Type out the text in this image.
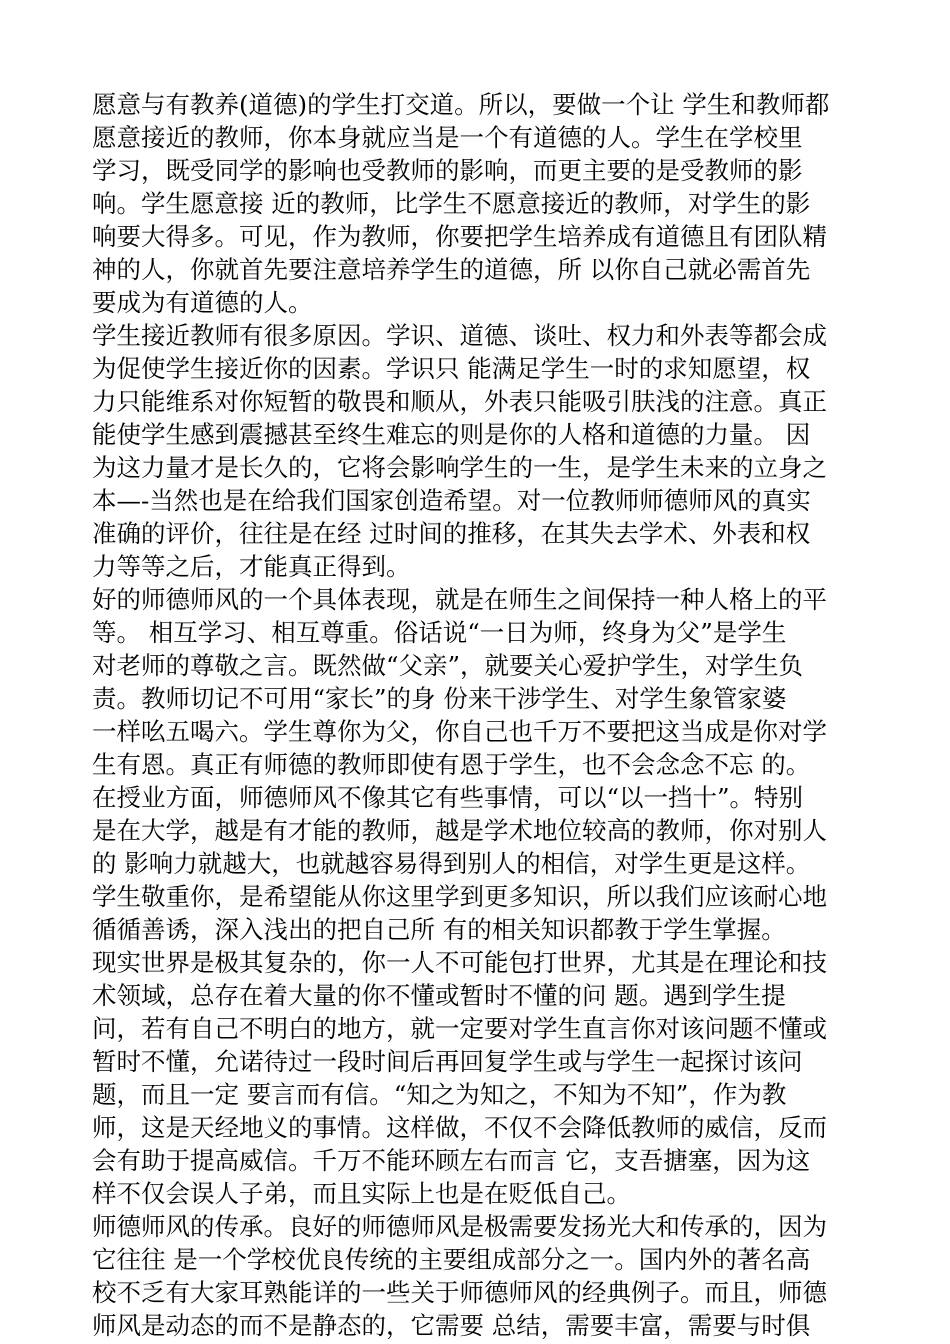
愿意与有教养(道德)的学生打交道。所以，要做一个让 学生和教师都
愿意接近的教师，你本身就应当是一个有道德的人。学生在学校里
学习，既受同学的影响也受教师的影响，而更主要的是受教师的影
响。学生愿意接 近的教师，比学生不愿意接近的教师，对学生的影
响要大得多。可见，作为教师，你要把学生培养成有道德且有团队精
神的人，你就首先要注意培养学生的道德，所 以你自己就必需首先
要成为有道德的人。

学生接近教师有很多原因。学识、道德、谈吐、权力和外表等都会成
为促使学生接近你的因素。学识只 能满足学生一时的求知愿望，权
力只能维系对你短暂的敬畏和顺从，外表只能吸引肤浅的注意。真正
能使学生感到震撼甚至终生难忘的则是你的人格和道德的力量。 因
为这力量才是长久的，它将会影响学生的一生，是学生未来的立身之
本—-当然也是在给我们国家创造希望。对一位教师师德师风的真实
准确的评价，往往是在经 过时间的推移，在其失去学术、外表和权
力等等之后，才能真正得到。

好的师德师风的一个具体表现，就是在师生之间保持一种人格上的平
等。 相互学习、相互尊重。俗话说“一日为师，终身为父”是学生
对老师的尊敬之言。既然做“父亲”，就要关心爱护学生，对学生负
责。教师切记不可用“家长”的身 份来干涉学生、对学生象管家婆
一样吆五喝六。学生尊你为父，你自己也千万不要把这当成是你对学
生有恩。真正有师德的教师即使有恩于学生，也不会念念不忘 的。

在授业方面，师德师风不像其它有些事情，可以“以一挡十”。特别
是在大学，越是有才能的教师，越是学术地位较高的教师，你对别人
的 影响力就越大，也就越容易得到别人的相信，对学生更是这样。
学生敬重你，是希望能从你这里学到更多知识，所以我们应该耐心地
循循善诱，深入浅出的把自己所 有的相关知识都教于学生掌握。

现实世界是极其复杂的，你一人不可能包打世界，尤其是在理论和技
术领域，总存在着大量的你不懂或暂时不懂的问 题。遇到学生提
问，若有自己不明白的地方，就一定要对学生直言你对该问题不懂或
暂时不懂，允诺待过一段时间后再回复学生或与学生一起探讨该问
题，而且一定 要言而有信。“知之为知之，不知为不知”，作为教
师，这是天经地义的事情。这样做，不仅不会降低教师的威信，反而
会有助于提高威信。千万不能环顾左右而言 它，支吾搪塞，因为这
样不仅会误人子弟，而且实际上也是在贬低自己。

师德师风的传承。良好的师德师风是极需要发扬光大和传承的，因为
它往往 是一个学校优良传统的主要组成部分之一。国内外的著名高
校不乏有大家耳熟能详的一些关于师德师风的经典例子。而且，师德
师风是动态的而不是静态的，它需要 总结，需要丰富，需要与时俱
